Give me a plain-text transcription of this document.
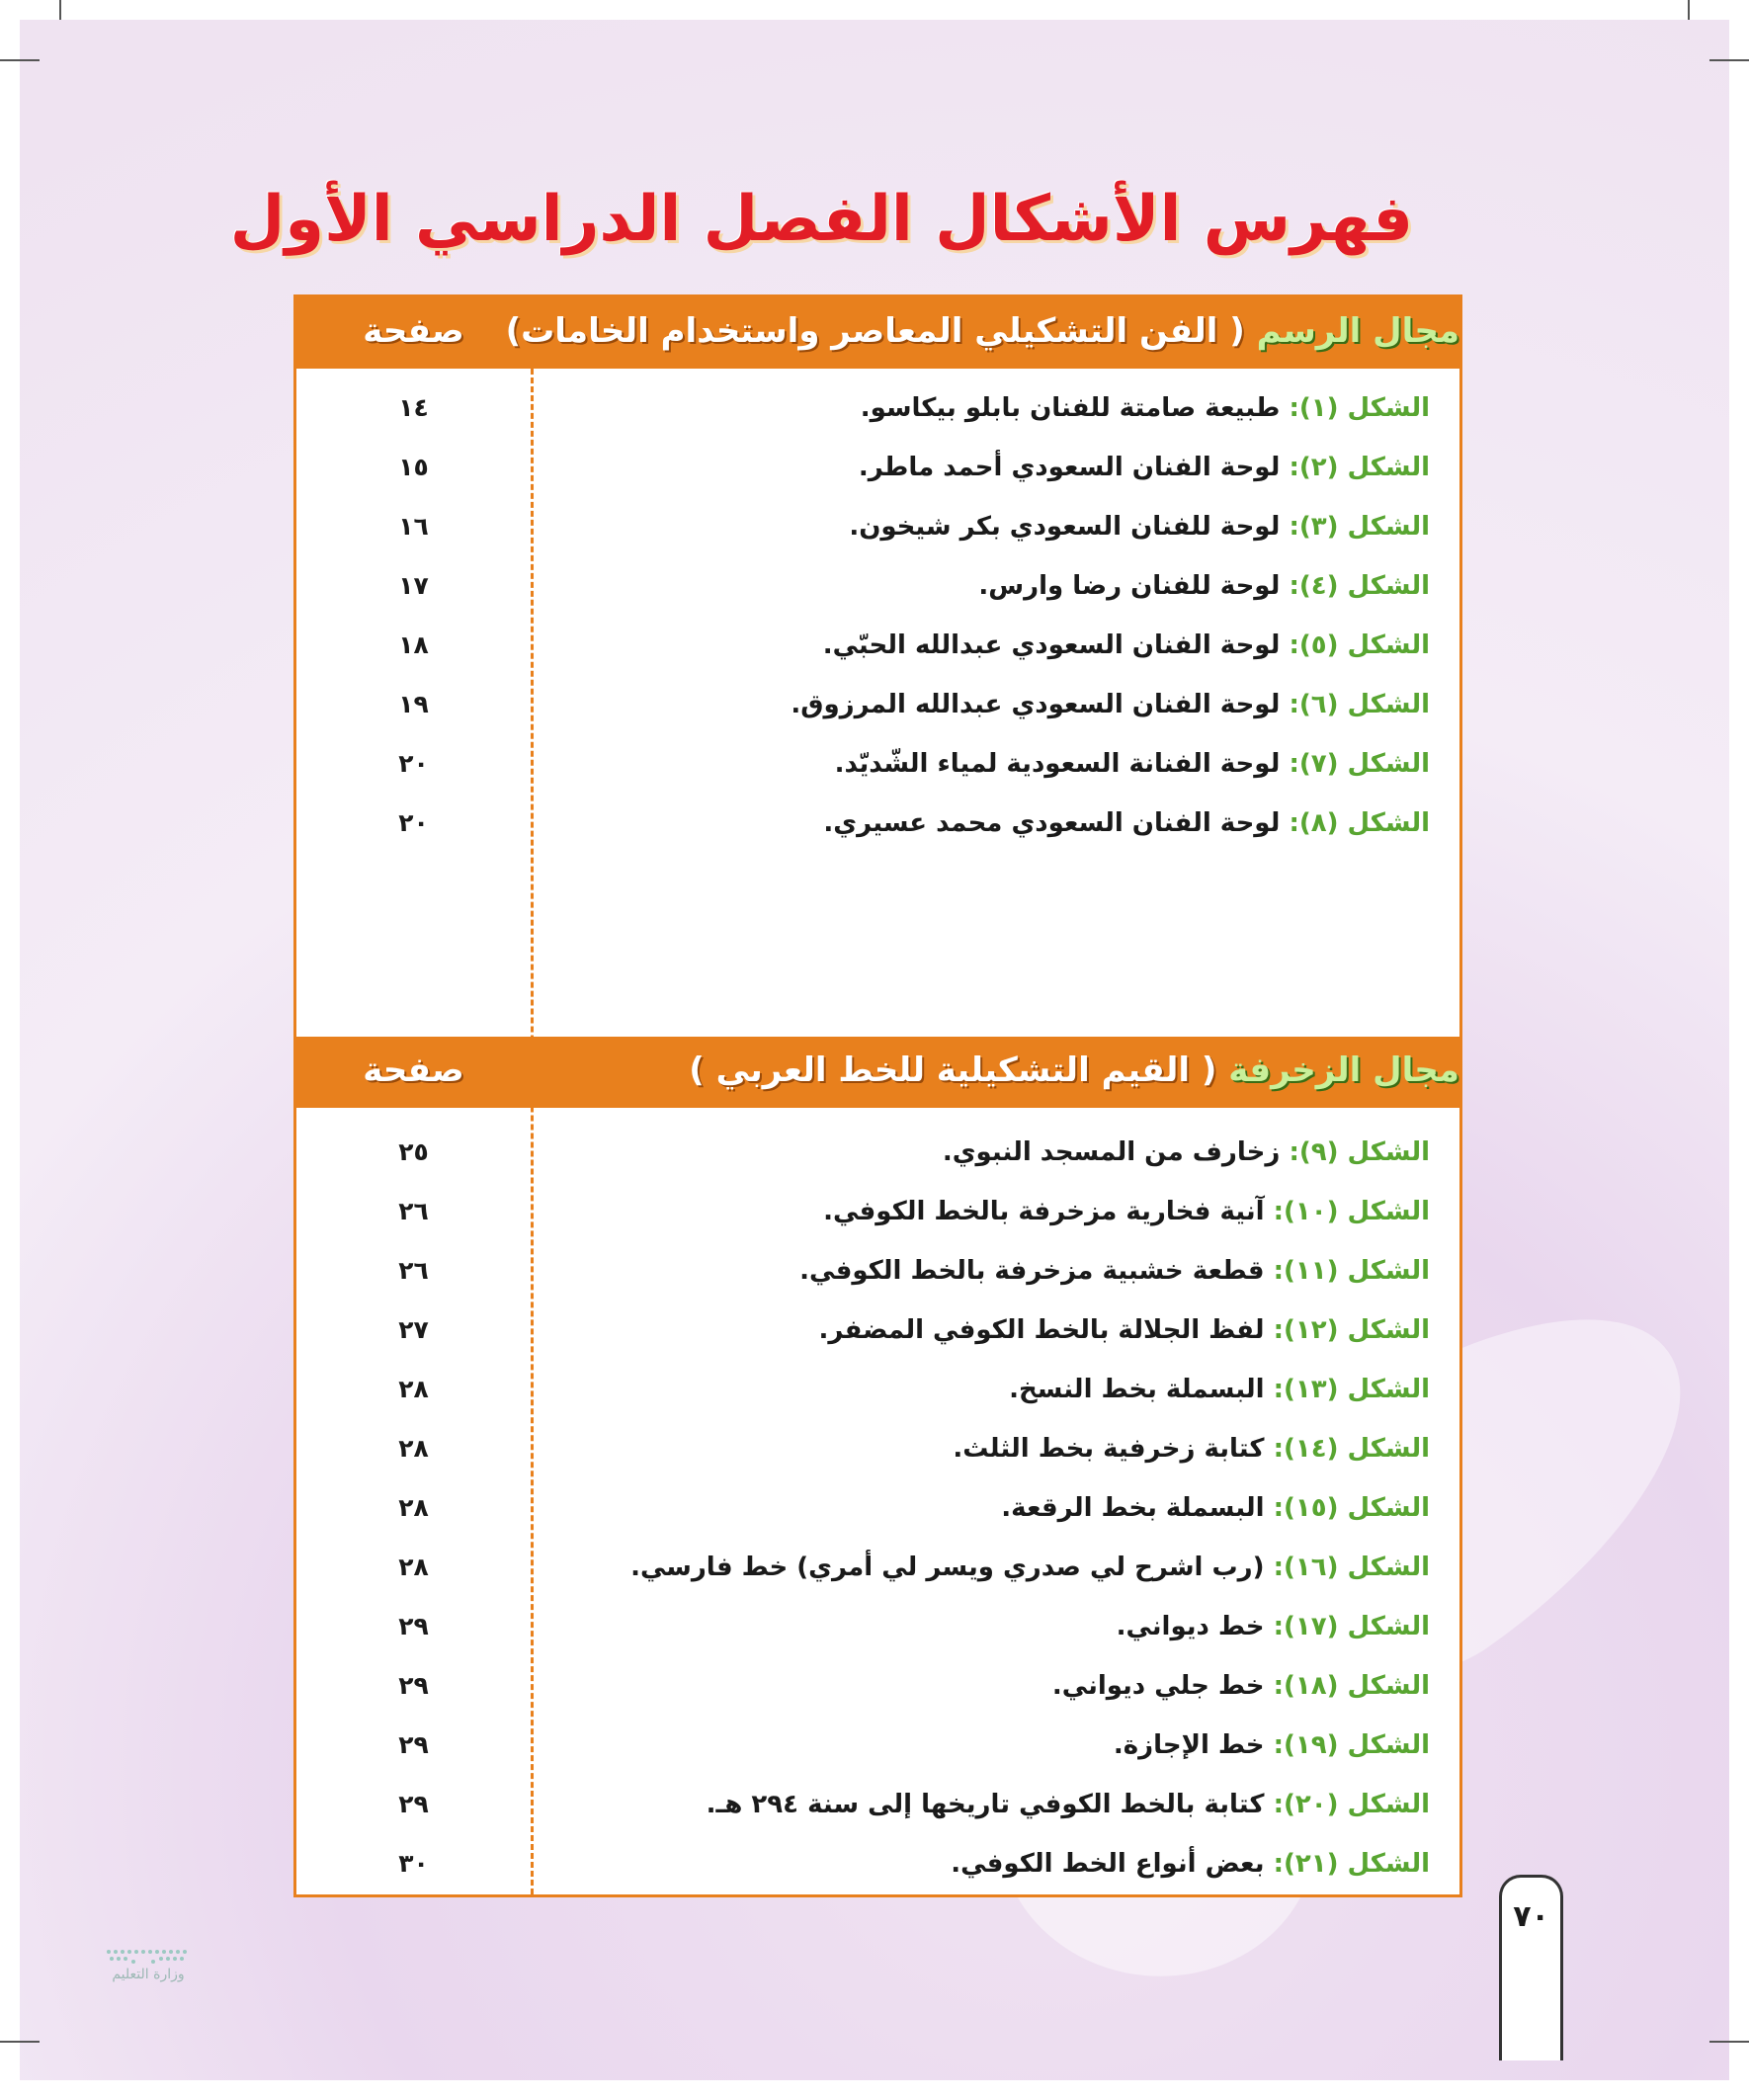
فهرس الأشكال الفصل الدراسي الأول
مجال الرسم ( الفن التشكيلي المعاصر واستخدام الخامات)
صفحة
الشكل (١): طبيعة صامتة للفنان بابلو بيكاسو.
١٤
الشكل (٢): لوحة الفنان السعودي أحمد ماطر.
١٥
الشكل (٣): لوحة للفنان السعودي بكر شيخون.
١٦
الشكل (٤): لوحة للفنان رضا وارس.
١٧
الشكل (٥): لوحة الفنان السعودي عبدالله الحبّي.
١٨
الشكل (٦): لوحة الفنان السعودي عبدالله المرزوق.
١٩
الشكل (٧): لوحة الفنانة السعودية لمياء الشّديّد.
٢٠
الشكل (٨): لوحة الفنان السعودي محمد عسيري.
٢٠
مجال الزخرفة ( القيم التشكيلية للخط العربي )
صفحة
الشكل (٩): زخارف من المسجد النبوي.
٢٥
الشكل (١٠): آنية فخارية مزخرفة بالخط الكوفي.
٢٦
الشكل (١١): قطعة خشبية مزخرفة بالخط الكوفي.
٢٦
الشكل (١٢): لفظ الجلالة بالخط الكوفي المضفر.
٢٧
الشكل (١٣): البسملة بخط النسخ.
٢٨
الشكل (١٤): كتابة زخرفية بخط الثلث.
٢٨
الشكل (١٥): البسملة بخط الرقعة.
٢٨
الشكل (١٦): (رب اشرح لي صدري ويسر لي أمري) خط فارسي.
٢٨
الشكل (١٧): خط ديواني.
٢٩
الشكل (١٨): خط جلي ديواني.
٢٩
الشكل (١٩): خط الإجازة.
٢٩
الشكل (٢٠): كتابة بالخط الكوفي تاريخها إلى سنة ٢٩٤ هـ.
٢٩
الشكل (٢١): بعض أنواع الخط الكوفي.
٣٠
٧٠
وزارة التعليم
